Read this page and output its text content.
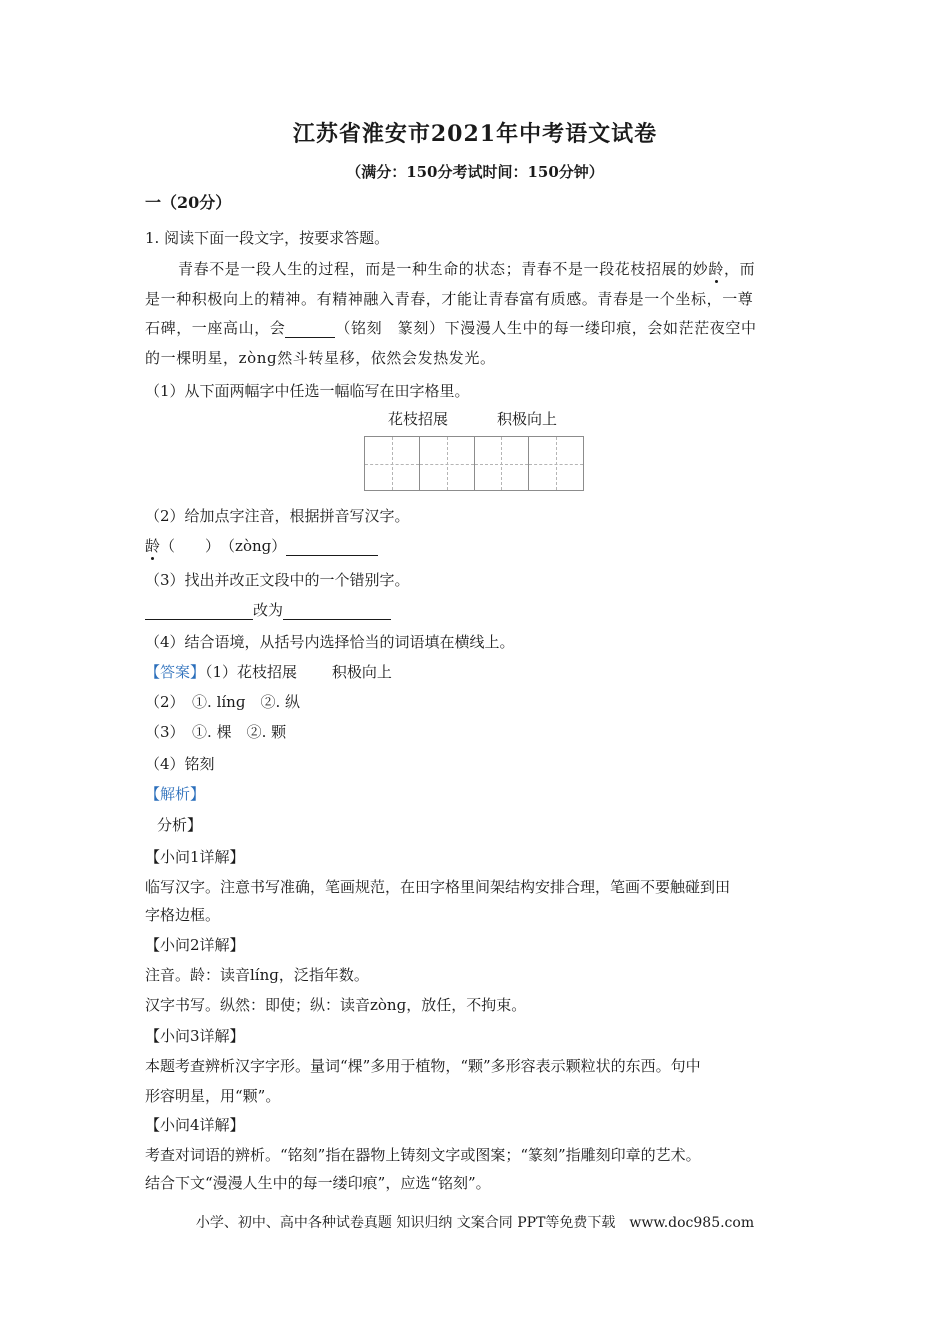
江苏省淮安市2021年中考语文试卷
（满分：150分考试时间：150分钟）
一（20分）
1. 阅读下面一段文字，按要求答题。
青春不是一段人生的过程，而是一种生命的状态；青春不是一段花枝招展的妙龄，而
是一种积极向上的精神。有精神融入青春，才能让青春富有质感。青春是一个坐标，一尊
石碑，一座高山，会	（铭刻　篆刻）下漫漫人生中的每一缕印痕，会如茫茫夜空中
的一棵明星，zònɡ然斗转星移，依然会发热发光。
（1）从下面两幅字中任选一幅临写在田字格里。
花枝招展	积极向上
（2）给加点字注音，根据拼音写汉字。
龄（　　）　 （zònɡ）
（3）找出并改正文段中的一个错别字。
改为
（4）结合语境，从括号内选择恰当的词语填在横线上。
【答案】（1）花枝招展　　 积极向上
（2）　①. línɡ　②. 纵
（3）　①. 棵　②. 颗
（4）铭刻
【解析】
分析】
【小问1详解】
临写汉字。注意书写准确，笔画规范，在田字格里间架结构安排合理，笔画不要触碰到田
字格边框。
【小问2详解】
注音。龄：读音línɡ，泛指年数。
汉字书写。纵然：即使；纵：读音zònɡ，放任，不拘束。
【小问3详解】
本题考查辨析汉字字形。量词“棵”多用于植物，“颗”多形容表示颗粒状的东西。句中
形容明星，用“颗”。
【小问4详解】
考查对词语的辨析。“铭刻”指在器物上铸刻文字或图案；“篆刻”指雕刻印章的艺术。
结合下文“漫漫人生中的每一缕印痕”，应选“铭刻”。
小学、初中、高中各种试卷真题 知识归纳 文案合同 PPT等免费下载　www.doc985.com
